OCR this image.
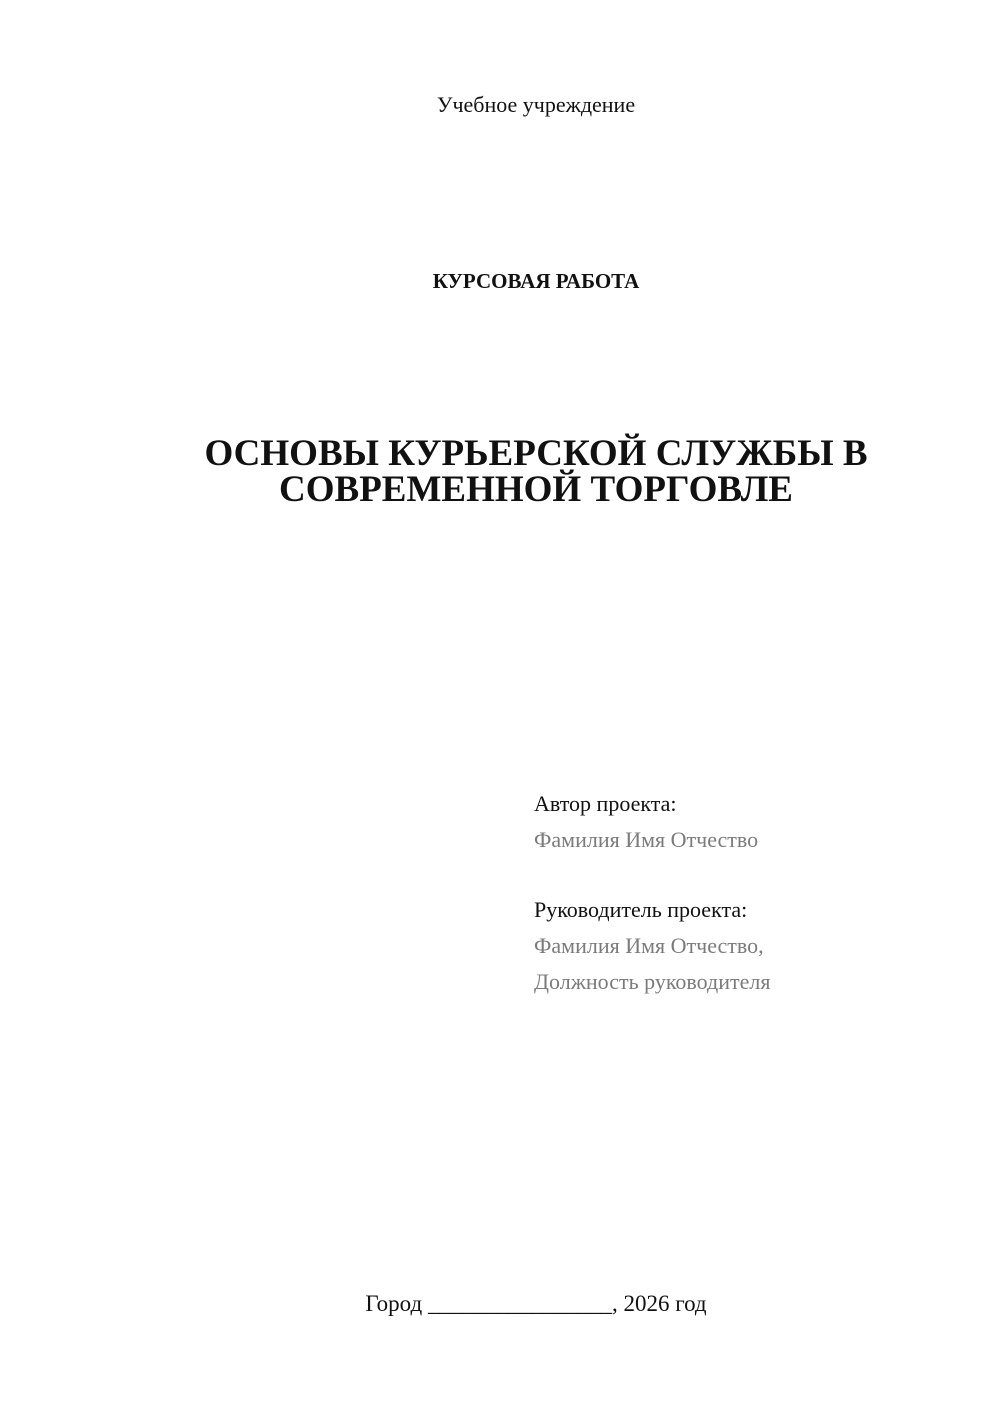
Учебное учреждение
КУРСОВАЯ РАБОТА
ОСНОВЫ КУРЬЕРСКОЙ СЛУЖБЫ В
СОВРЕМЕННОЙ ТОРГОВЛЕ
Автор проекта:
Фамилия Имя Отчество
Руководитель проекта:
Фамилия Имя Отчество,
Должность руководителя
Город ________________, 2026 год
